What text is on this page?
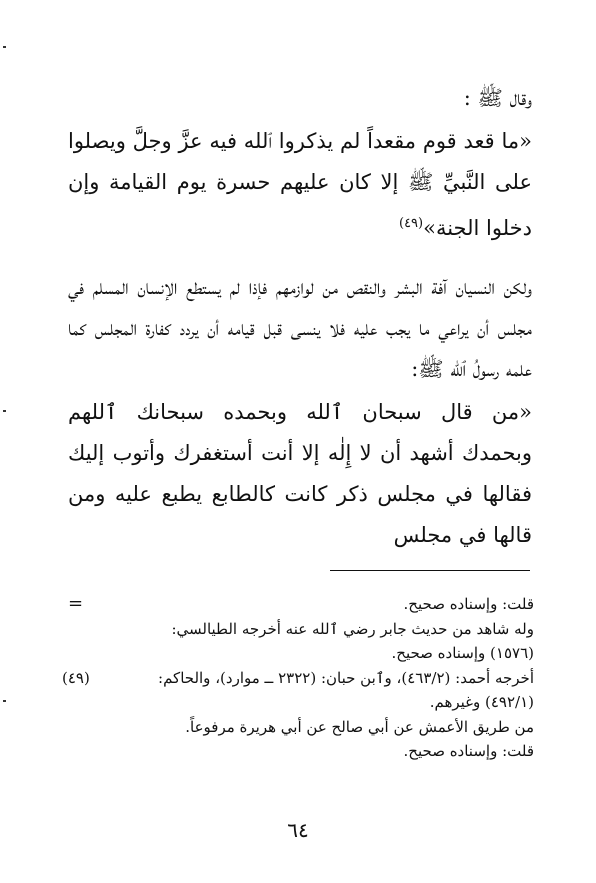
وقال ﷺ :

«ما قعد قوم مقعداً لم يذكروا ٱلله فيه عزَّ وجلَّ ويصلوا على النَّبيِّ ﷺ إلا كان عليهم حسرة يوم القيامة وإن دخلوا الجنة»$^{(٤٩)}$

ولكن النسيان آفة البشر والنقص من لوازمهم فإذا لم يستطع الإنسان المسلم في مجلس أن يراعي ما يجب عليه فلا ينسى قبل قيامه أن يردد كفارة المجلس كما علمه رسولُ ٱلله ﷺ:

«من قال سبحان ٱلله وبحمده سبحانك ٱللهم وبحمدك أشهد أن لا إِلٰه إلا أنت أستغفرك وأتوب إليك فقالها في مجلس ذكر كانت كالطابع يطبع عليه ومن قالها في مجلس

قلت: وإسناده صحيح.
وله شاهد من حديث جابر رضي ٱلله عنه أخرجه الطيالسي:
(١٥٧٦) وإسناده صحيح.
=
أخرجه أحمد: (٤٦٣/٢)، وٱبن حبان: (٢٣٢٢ ــ موارد)، والحاكم:
(٤٩٢/١) وغيرهم.
من طريق الأعمش عن أبي صالح عن أبي هريرة مرفوعاً.
قلت: وإسناده صحيح.
(٤٩)
٦٤
